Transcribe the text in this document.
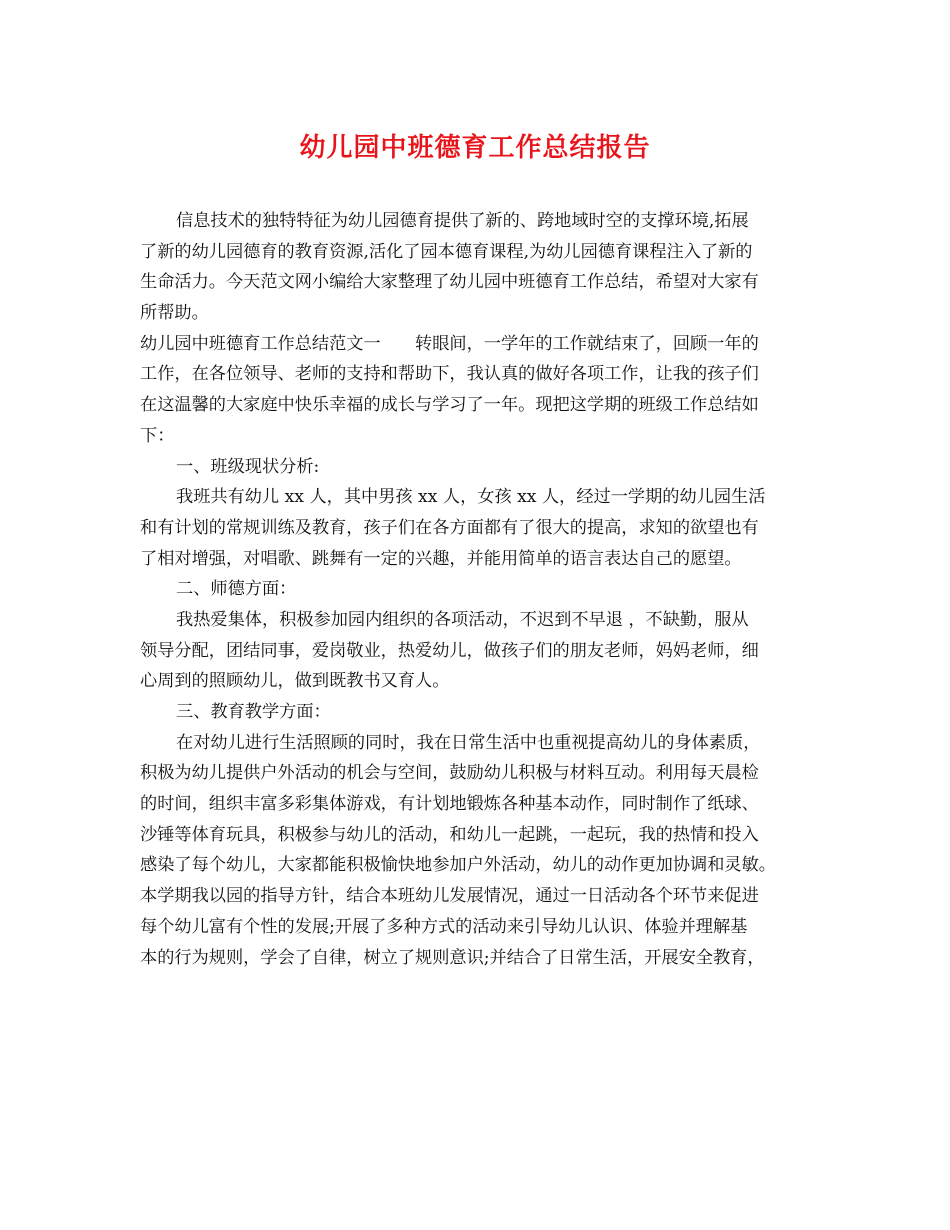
幼儿园中班德育工作总结报告
信息技术的独特特征为幼儿园德育提供了新的、跨地域时空的支撑环境,拓展
了新的幼儿园德育的教育资源,活化了园本德育课程,为幼儿园德育课程注入了新的
生命活力。今天范文网小编给大家整理了幼儿园中班德育工作总结，希望对大家有
所帮助。
幼儿园中班德育工作总结范文一　　转眼间，一学年的工作就结束了，回顾一年的
工作，在各位领导、老师的支持和帮助下，我认真的做好各项工作，让我的孩子们
在这温馨的大家庭中快乐幸福的成长与学习了一年。现把这学期的班级工作总结如
下：
一、班级现状分析:
我班共有幼儿 xx 人，其中男孩 xx 人，女孩 xx 人，经过一学期的幼儿园生活
和有计划的常规训练及教育，孩子们在各方面都有了很大的提高，求知的欲望也有
了相对增强，对唱歌、跳舞有一定的兴趣，并能用简单的语言表达自己的愿望。
二、师德方面：
我热爱集体，积极参加园内组织的各项活动，不迟到不早退 ，不缺勤，服从
领导分配，团结同事，爱岗敬业，热爱幼儿，做孩子们的朋友老师，妈妈老师，细
心周到的照顾幼儿，做到既教书又育人。
三、教育教学方面：
在对幼儿进行生活照顾的同时，我在日常生活中也重视提高幼儿的身体素质，
积极为幼儿提供户外活动的机会与空间，鼓励幼儿积极与材料互动。利用每天晨检
的时间，组织丰富多彩集体游戏，有计划地锻炼各种基本动作，同时制作了纸球、
沙锤等体育玩具，积极参与幼儿的活动，和幼儿一起跳，一起玩，我的热情和投入
感染了每个幼儿，大家都能积极愉快地参加户外活动，幼儿的动作更加协调和灵敏。
本学期我以园的指导方针，结合本班幼儿发展情况，通过一日活动各个环节来促进
每个幼儿富有个性的发展;开展了多种方式的活动来引导幼儿认识、体验并理解基
本的行为规则，学会了自律，树立了规则意识;并结合了日常生活，开展安全教育，
